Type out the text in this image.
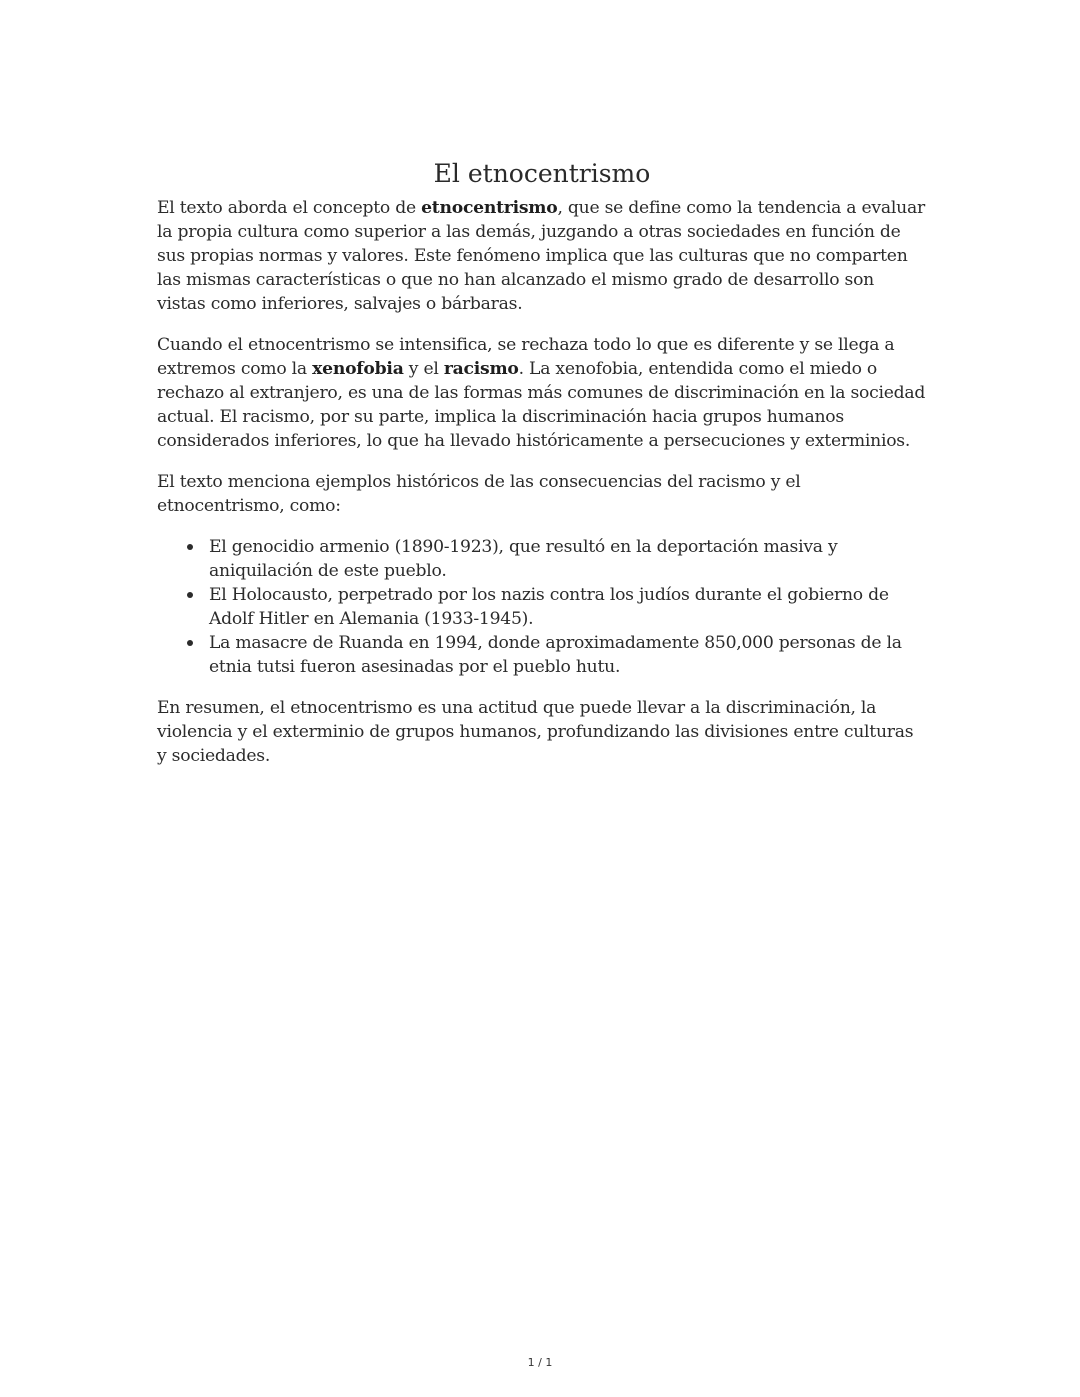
El etnocentrismo

El texto aborda el concepto de etnocentrismo, que se define como la tendencia a evaluar la propia cultura como superior a las demás, juzgando a otras sociedades en función de sus propias normas y valores. Este fenómeno implica que las culturas que no comparten las mismas características o que no han alcanzado el mismo grado de desarrollo son vistas como inferiores, salvajes o bárbaras.

Cuando el etnocentrismo se intensifica, se rechaza todo lo que es diferente y se llega a extremos como la xenofobia y el racismo. La xenofobia, entendida como el miedo o rechazo al extranjero, es una de las formas más comunes de discriminación en la sociedad actual. El racismo, por su parte, implica la discriminación hacia grupos humanos considerados inferiores, lo que ha llevado históricamente a persecuciones y exterminios.

El texto menciona ejemplos históricos de las consecuencias del racismo y el etnocentrismo, como:

El genocidio armenio (1890-1923), que resultó en la deportación masiva y aniquilación de este pueblo.
El Holocausto, perpetrado por los nazis contra los judíos durante el gobierno de Adolf Hitler en Alemania (1933-1945).
La masacre de Ruanda en 1994, donde aproximadamente 850,000 personas de la etnia tutsi fueron asesinadas por el pueblo hutu.

En resumen, el etnocentrismo es una actitud que puede llevar a la discriminación, la violencia y el exterminio de grupos humanos, profundizando las divisiones entre culturas y sociedades.

1 / 1
